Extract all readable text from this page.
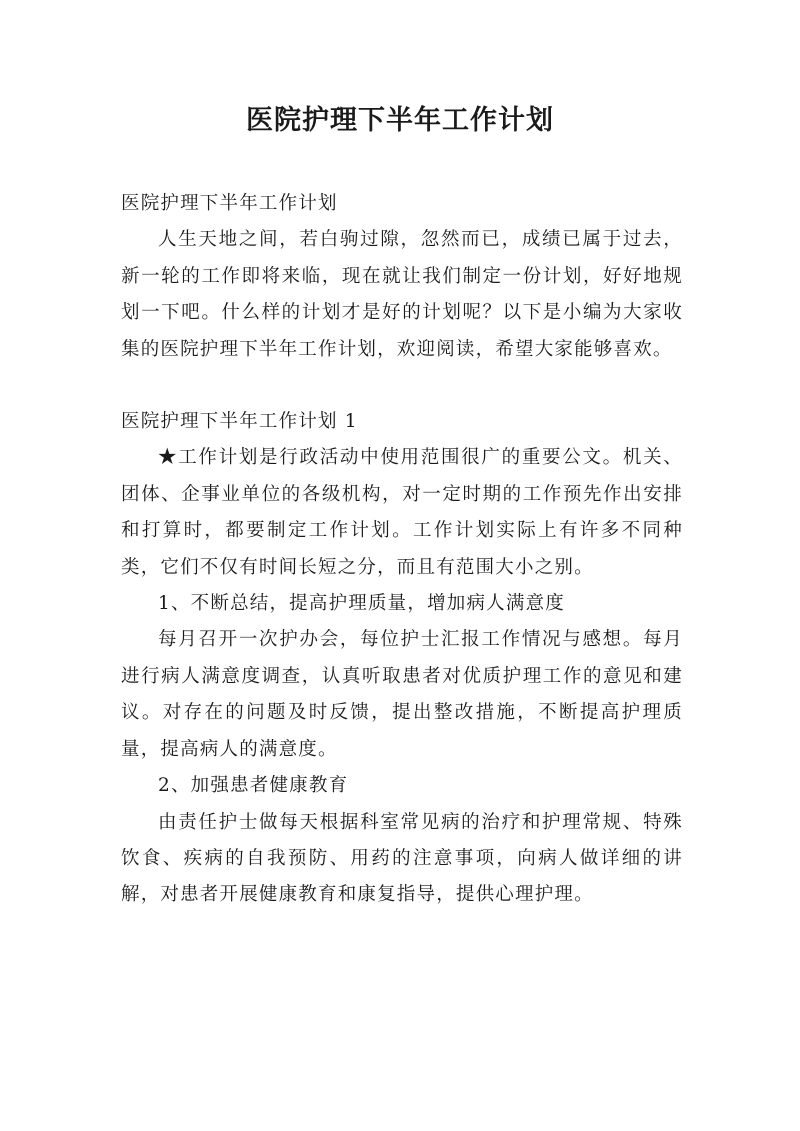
医院护理下半年工作计划

医院护理下半年工作计划

人生天地之间，若白驹过隙，忽然而已，成绩已属于过去，新一轮的工作即将来临，现在就让我们制定一份计划，好好地规划一下吧。什么样的计划才是好的计划呢？以下是小编为大家收集的医院护理下半年工作计划，欢迎阅读，希望大家能够喜欢。

医院护理下半年工作计划 1

★工作计划是行政活动中使用范围很广的重要公文。机关、团体、企事业单位的各级机构，对一定时期的工作预先作出安排和打算时，都要制定工作计划。工作计划实际上有许多不同种类，它们不仅有时间长短之分，而且有范围大小之别。

1、不断总结，提高护理质量，增加病人满意度

每月召开一次护办会，每位护士汇报工作情况与感想。每月进行病人满意度调查，认真听取患者对优质护理工作的意见和建议。对存在的问题及时反馈，提出整改措施，不断提高护理质量，提高病人的满意度。

2、加强患者健康教育

由责任护士做每天根据科室常见病的治疗和护理常规、特殊饮食、疾病的自我预防、用药的注意事项，向病人做详细的讲解，对患者开展健康教育和康复指导，提供心理护理。
